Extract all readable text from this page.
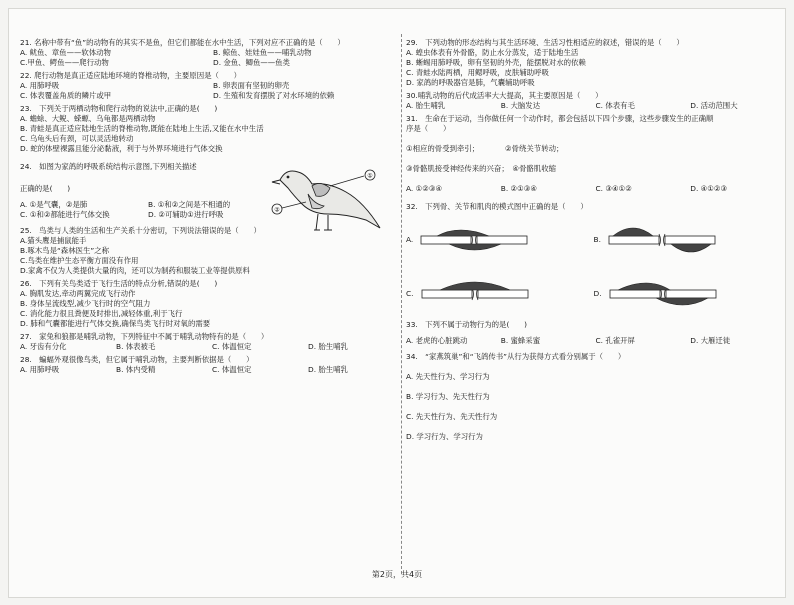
21. 名称中带有“鱼”的动物有的其实不是鱼，但它们都能在水中生活，下列对应不正确的是（　　）
A. 鱿鱼、章鱼——软体动物	B. 鲸鱼、娃娃鱼——哺乳动物
C.甲鱼、鳄鱼——爬行动物	D. 金鱼、鲫鱼——鱼类
22. 爬行动物是真正适应陆地环境的脊椎动物，主要原因是（　　）
A. 用肺呼吸	B. 卵表面有坚韧的卵壳
C. 体表覆盖角质的鳞片或甲	D. 生殖和发育摆脱了对水环境的依赖
23.　下列关于两栖动物和爬行动物的说法中,正确的是(　　)
A. 蟾蜍、大鲵、蝾螈、乌龟都是两栖动物
B. 青蛙是真正适应陆地生活的脊椎动物,既能在陆地上生活,又能在水中生活
C. 乌龟头后有颈，可以灵活地转动
D. 蛇的体壁裸露且能分泌黏液，利于与外界环境进行气体交换
24.　如图为家鸽的呼吸系统结构示意图,下列相关描述
正确的是(　　)
A. ①是气囊，②是肺	B. ①和②之间是不相通的
C. ①和②都能进行气体交换	D. ②可辅助①进行呼吸
①
②
25.　鸟类与人类的生活和生产关系十分密切，下列说法错误的是（　　）
A.猫头鹰是捕鼠能手
B.啄木鸟是“森林医生”之称
C.鸟类在维护生态平衡方面没有作用
D.家禽不仅为人类提供大量的肉，还可以为制药和服装工业等提供原料
26.　下列有关鸟类适于飞行生活的特点分析,错误的是(　　)
A. 胸肌发达,牵动两翼完成飞行动作
B. 身体呈流线型,减少飞行时的空气阻力
C. 消化能力很且粪便及时排出,减轻体重,利于飞行
D. 肺和气囊都能进行气体交换,确保鸟类飞行时对氧的需要
27.　家兔和狼都是哺乳动物，下列特征中不属于哺乳动物特有的是（　　）
A. 牙齿有分化	B. 体表被毛	C. 体温恒定	D. 胎生哺乳
28.　蝙蝠外观很像鸟类，但它属于哺乳动物，主要判断依据是（　　）
A. 用肺呼吸	B. 体内受精	C. 体温恒定	D. 胎生哺乳
29.　下列动物的形态结构与其生活环境、生活习性相适应的叙述，错误的是（　　）
A. 蝗虫体表有外骨骼，防止水分蒸发，适于陆地生活
B. 蜥蜴用肺呼吸，卵有坚韧的外壳，能摆脱对水的依赖
C. 青蛙水陆两栖，用鳃呼吸，皮肤辅助呼吸
D. 家鸽的呼吸器官是肺，气囊辅助呼吸
30.哺乳动物的后代成活率大大提高，其主要原因是（　　）
A. 胎生哺乳	B. 大脑发达	C. 体表有毛	D. 活动范围大
31.　生命在于运动，当你做任何一个动作时，都会包括以下四个步骤，这些步骤发生的正确顺
序是（　　）
①相应的骨受到牵引；　　　　②骨绕关节转动；
③骨骼肌接受神经传来的兴奋；　④骨骼肌收缩
A. ①②③④	B. ②①③④	C. ③④①②	D. ④①②③
32.　下列骨、关节和肌肉的模式图中正确的是（　　）
A.	B.
C.	D.
33.　下列不属于动物行为的是(　　)
A. 老虎的心脏跳动	B. 蜜蜂采蜜	C. 孔雀开屏	D. 大雁迁徙
34.　“家燕筑巢”和“飞鸽传书”从行为获得方式看分别属于（　　）
A. 先天性行为、学习行为
B. 学习行为、先天性行为
C. 先天性行为、先天性行为
D. 学习行为、学习行为
第2页，共4页
